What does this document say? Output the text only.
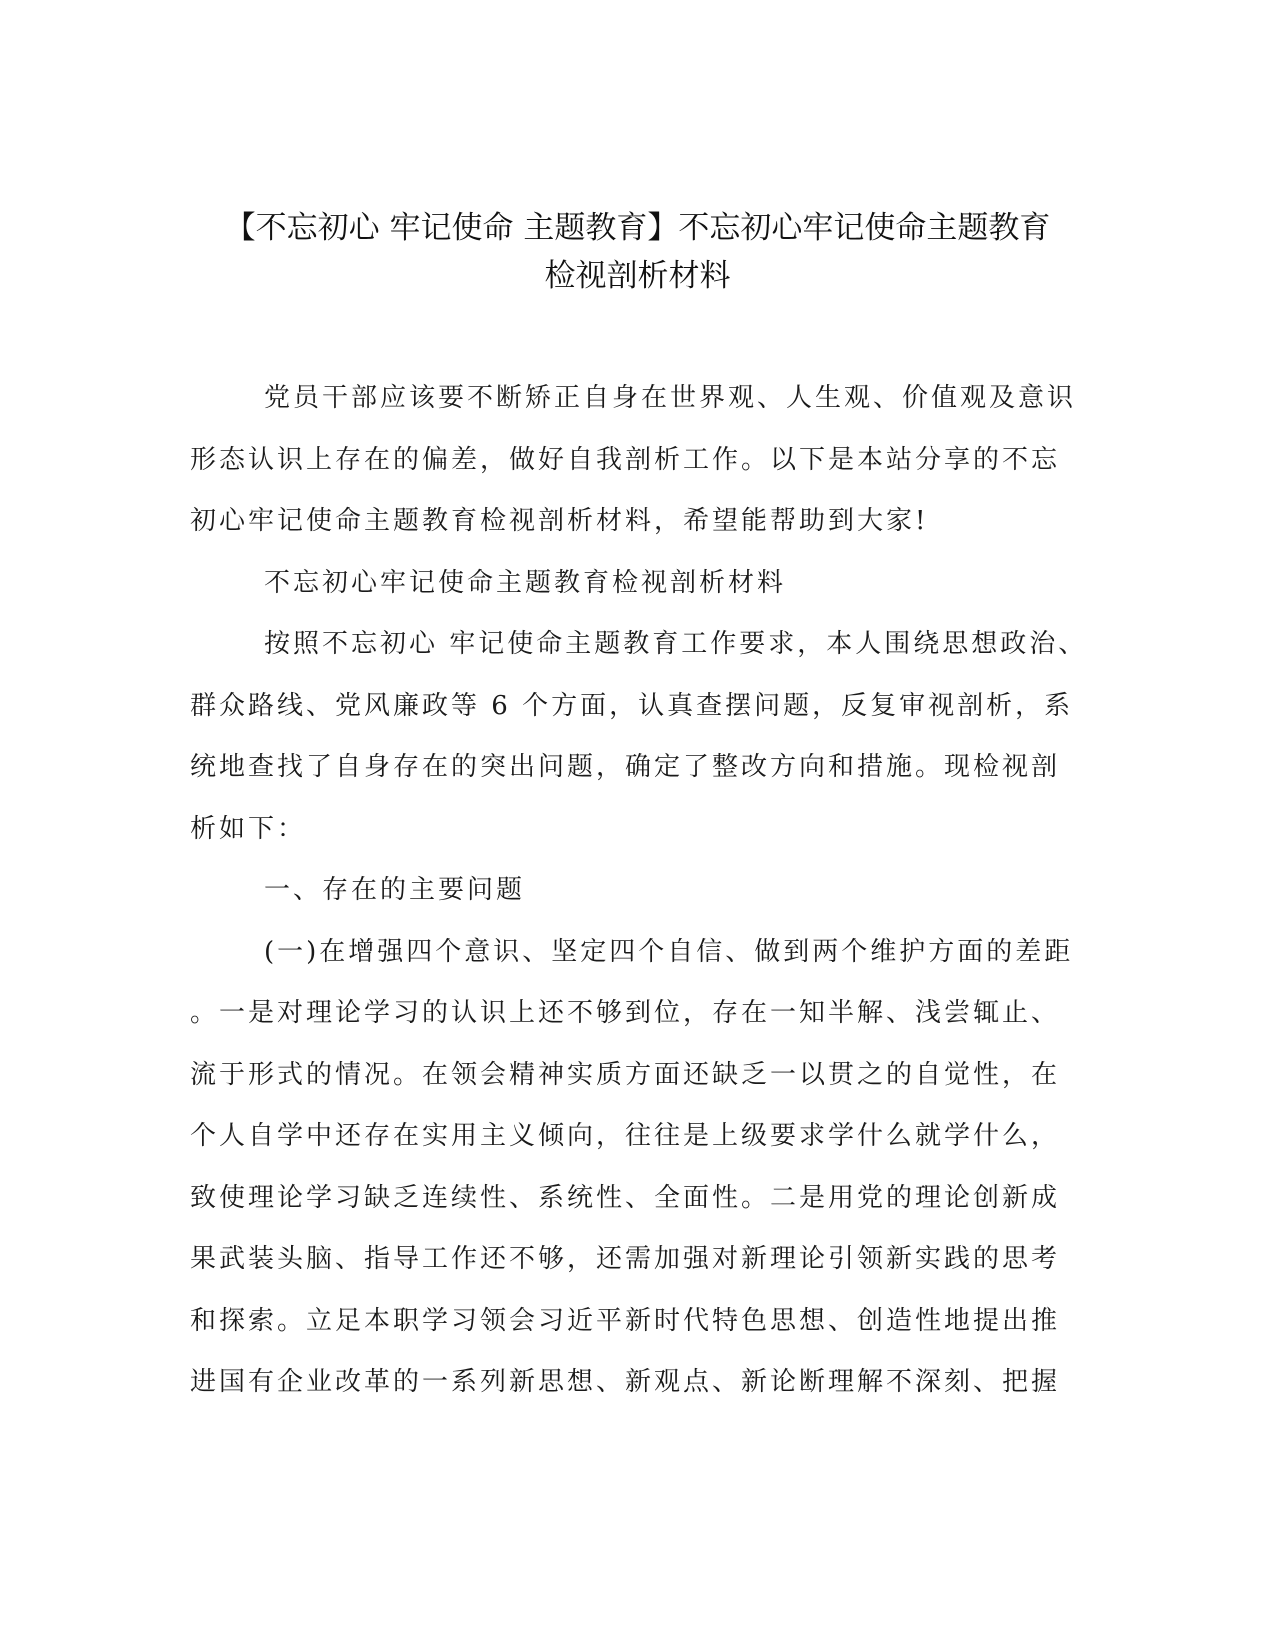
【不忘初心 牢记使命 主题教育】不忘初心牢记使命主题教育
检视剖析材料
党员干部应该要不断矫正自身在世界观、人生观、价值观及意识
形态认识上存在的偏差，做好自我剖析工作。以下是本站分享的不忘
初心牢记使命主题教育检视剖析材料，希望能帮助到大家!
不忘初心牢记使命主题教育检视剖析材料
按照不忘初心 牢记使命主题教育工作要求，本人围绕思想政治、
群众路线、党风廉政等 6 个方面，认真查摆问题，反复审视剖析，系
统地查找了自身存在的突出问题，确定了整改方向和措施。现检视剖
析如下：
一、存在的主要问题
(一)在增强四个意识、坚定四个自信、做到两个维护方面的差距
。一是对理论学习的认识上还不够到位，存在一知半解、浅尝辄止、
流于形式的情况。在领会精神实质方面还缺乏一以贯之的自觉性，在
个人自学中还存在实用主义倾向，往往是上级要求学什么就学什么，
致使理论学习缺乏连续性、系统性、全面性。二是用党的理论创新成
果武装头脑、指导工作还不够，还需加强对新理论引领新实践的思考
和探索。立足本职学习领会习近平新时代特色思想、创造性地提出推
进国有企业改革的一系列新思想、新观点、新论断理解不深刻、把握
